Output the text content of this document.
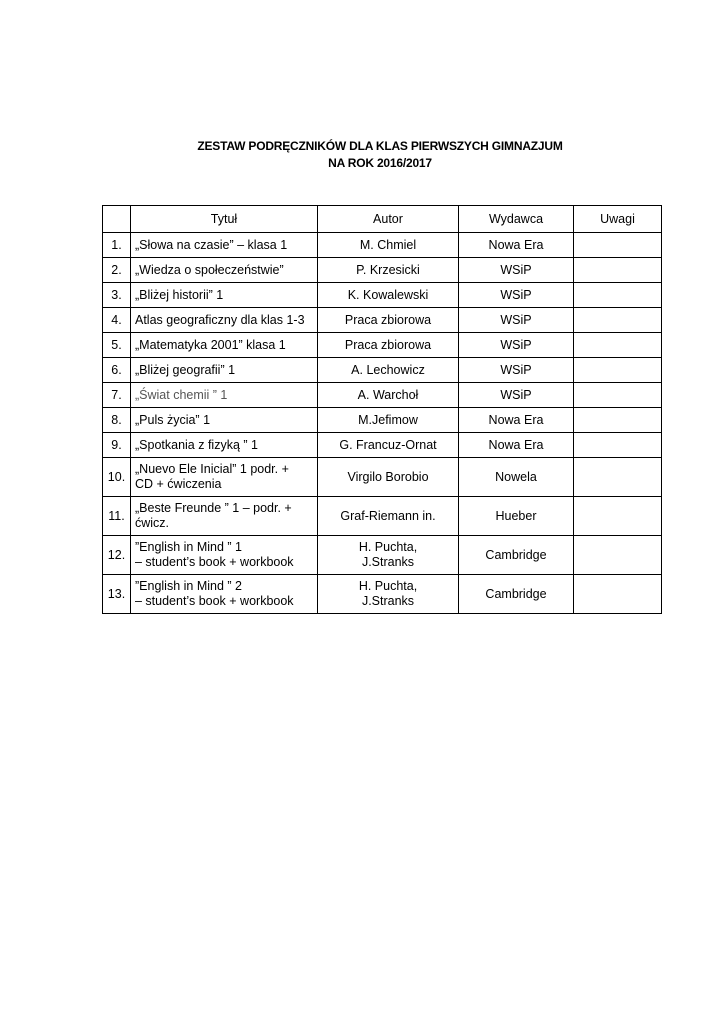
ZESTAW PODRĘCZNIKÓW DLA KLAS PIERWSZYCH GIMNAZJUM
NA ROK 2016/2017
	Tytuł	Autor	Wydawca	Uwagi
1.	„Słowa na czasie” – klasa 1	M. Chmiel	Nowa Era	
2.	„Wiedza o społeczeństwie”	P. Krzesicki	WSiP	
3.	„Bliżej historii” 1	K. Kowalewski	WSiP	
4.	Atlas geograficzny dla klas 1-3	Praca zbiorowa	WSiP	
5.	„Matematyka 2001” klasa 1	Praca zbiorowa	WSiP	
6.	„Bliżej geografii” 1	A. Lechowicz	WSiP	
7.	„Świat chemii ” 1	A. Warchoł	WSiP	
8.	„Puls życia” 1	M.Jefimow	Nowa Era	
9.	„Spotkania z fizyką ” 1	G. Francuz-Ornat	Nowa Era	
10.	„Nuevo Ele Inicial” 1 podr. +
CD + ćwiczenia	Virgilo Borobio	Nowela	
11.	„Beste Freunde ” 1 – podr. +
ćwicz.	Graf-Riemann in.	Hueber	
12.	”English in Mind ” 1
– student’s book + workbook	H. Puchta,
J.Stranks	Cambridge	
13.	”English in Mind ” 2
– student’s book + workbook	H. Puchta,
J.Stranks	Cambridge	
